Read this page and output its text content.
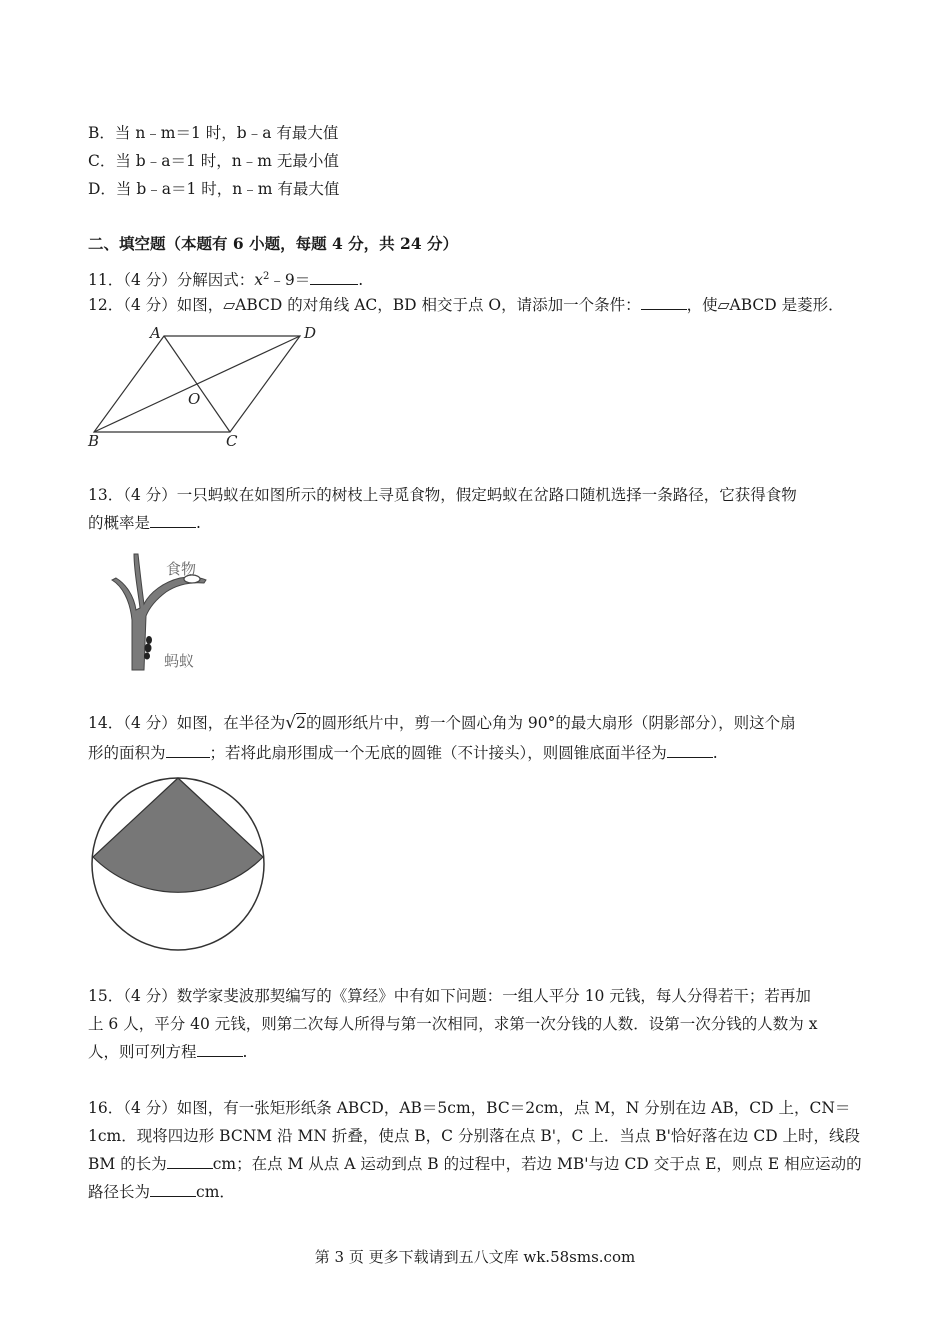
B．当 n﹣m＝1 时，b﹣a 有最大值
C．当 b﹣a＝1 时，n﹣m 无最小值
D．当 b﹣a＝1 时，n﹣m 有最大值
二、填空题（本题有 6 小题，每题 4 分，共 24 分）
11．（4 分）分解因式：$x^2﹣9=$	.
12．（4 分）如图，▱ABCD 的对角线 AC，BD 相交于点 O，请添加一个条件：	，使▱ABCD 是菱形．
A	D
O
B	C
13．（4 分）一只蚂蚁在如图所示的树枝上寻觅食物，假定蚂蚁在岔路口随机选择一条路径，它获得食物
的概率是	.
食物
蚂蚁
14．（4 分）如图，在半径为√2的圆形纸片中，剪一个圆心角为 90°的最大扇形（阴影部分），则这个扇
形的面积为	；若将此扇形围成一个无底的圆锥（不计接头），则圆锥底面半径为	.
15．（4 分）数学家斐波那契编写的《算经》中有如下问题：一组人平分 10 元钱，每人分得若干；若再加
上 6 人，平分 40 元钱，则第二次每人所得与第一次相同，求第一次分钱的人数．设第一次分钱的人数为 x
人，则可列方程	.
16．（4 分）如图，有一张矩形纸条 ABCD，AB＝5cm，BC＝2cm，点 M，N 分别在边 AB，CD 上，CN＝
1cm．现将四边形 BCNM 沿 MN 折叠，使点 B，C 分别落在点 B'，C 上．当点 B'恰好落在边 CD 上时，线段
BM 的长为	cm；在点 M 从点 A 运动到点 B 的过程中，若边 MB'与边 CD 交于点 E，则点 E 相应运动的
路径长为	cm．
第 3 页 更多下载请到五八文库 wk.58sms.com
